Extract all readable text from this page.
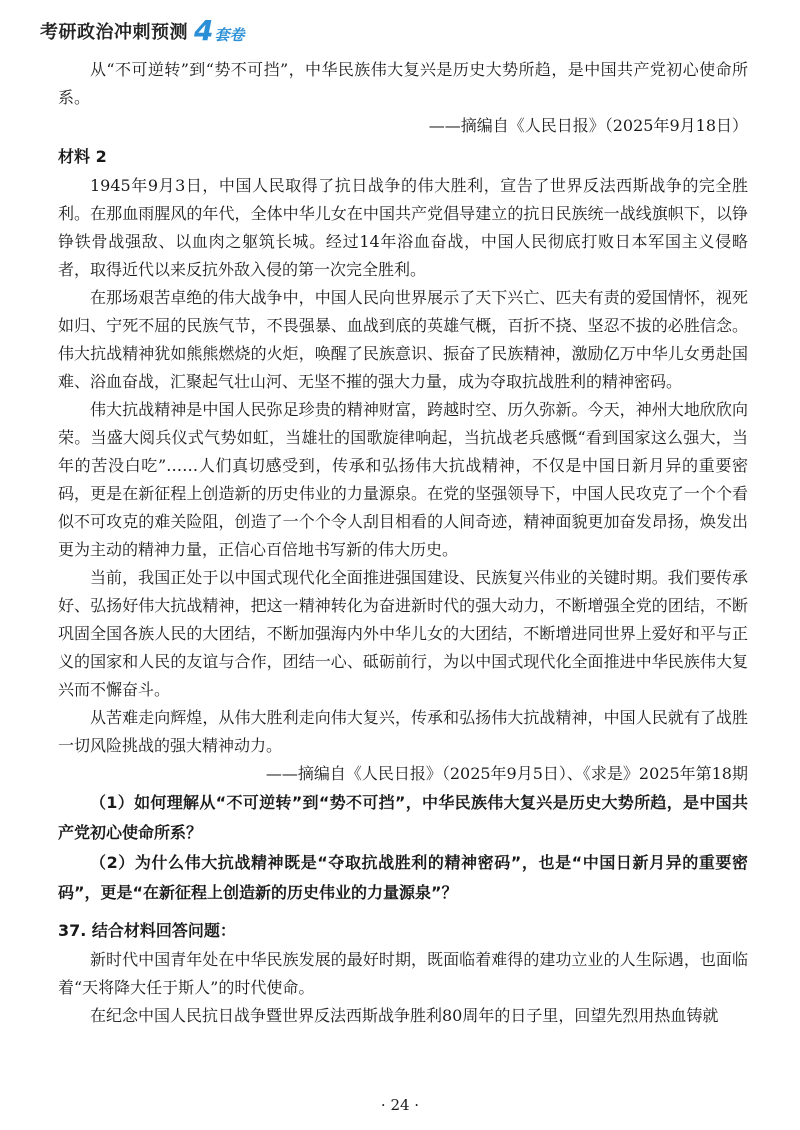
考研政治冲刺预测 4 套卷

从“不可逆转”到“势不可挡”，中华民族伟大复兴是历史大势所趋，是中国共产党初心使命所系。

——摘编自《人民日报》（2025年9月18日）

材料 2

1945年9月3日，中国人民取得了抗日战争的伟大胜利，宣告了世界反法西斯战争的完全胜利。在那血雨腥风的年代，全体中华儿女在中国共产党倡导建立的抗日民族统一战线旗帜下，以铮铮铁骨战强敌、以血肉之躯筑长城。经过14年浴血奋战，中国人民彻底打败日本军国主义侵略者，取得近代以来反抗外敌入侵的第一次完全胜利。

在那场艰苦卓绝的伟大战争中，中国人民向世界展示了天下兴亡、匹夫有责的爱国情怀，视死如归、宁死不屈的民族气节，不畏强暴、血战到底的英雄气概，百折不挠、坚忍不拔的必胜信念。伟大抗战精神犹如熊熊燃烧的火炬，唤醒了民族意识、振奋了民族精神，激励亿万中华儿女勇赴国难、浴血奋战，汇聚起气壮山河、无坚不摧的强大力量，成为夺取抗战胜利的精神密码。

伟大抗战精神是中国人民弥足珍贵的精神财富，跨越时空、历久弥新。今天，神州大地欣欣向荣。当盛大阅兵仪式气势如虹，当雄壮的国歌旋律响起，当抗战老兵感慨“看到国家这么强大，当年的苦没白吃”……人们真切感受到，传承和弘扬伟大抗战精神，不仅是中国日新月异的重要密码，更是在新征程上创造新的历史伟业的力量源泉。在党的坚强领导下，中国人民攻克了一个个看似不可攻克的难关险阻，创造了一个个令人刮目相看的人间奇迹，精神面貌更加奋发昂扬，焕发出更为主动的精神力量，正信心百倍地书写新的伟大历史。

当前，我国正处于以中国式现代化全面推进强国建设、民族复兴伟业的关键时期。我们要传承好、弘扬好伟大抗战精神，把这一精神转化为奋进新时代的强大动力，不断增强全党的团结，不断巩固全国各族人民的大团结，不断加强海内外中华儿女的大团结，不断增进同世界上爱好和平与正义的国家和人民的友谊与合作，团结一心、砥砺前行，为以中国式现代化全面推进中华民族伟大复兴而不懈奋斗。

从苦难走向辉煌，从伟大胜利走向伟大复兴，传承和弘扬伟大抗战精神，中国人民就有了战胜一切风险挑战的强大精神动力。

——摘编自《人民日报》（2025年9月5日）、《求是》2025年第18期

（1）如何理解从“不可逆转”到“势不可挡”，中华民族伟大复兴是历史大势所趋，是中国共产党初心使命所系？

（2）为什么伟大抗战精神既是“夺取抗战胜利的精神密码”，也是“中国日新月异的重要密码”，更是“在新征程上创造新的历史伟业的力量源泉”？

37. 结合材料回答问题：

新时代中国青年处在中华民族发展的最好时期，既面临着难得的建功立业的人生际遇，也面临着“天将降大任于斯人”的时代使命。

在纪念中国人民抗日战争暨世界反法西斯战争胜利80周年的日子里，回望先烈用热血铸就

· 24 ·
